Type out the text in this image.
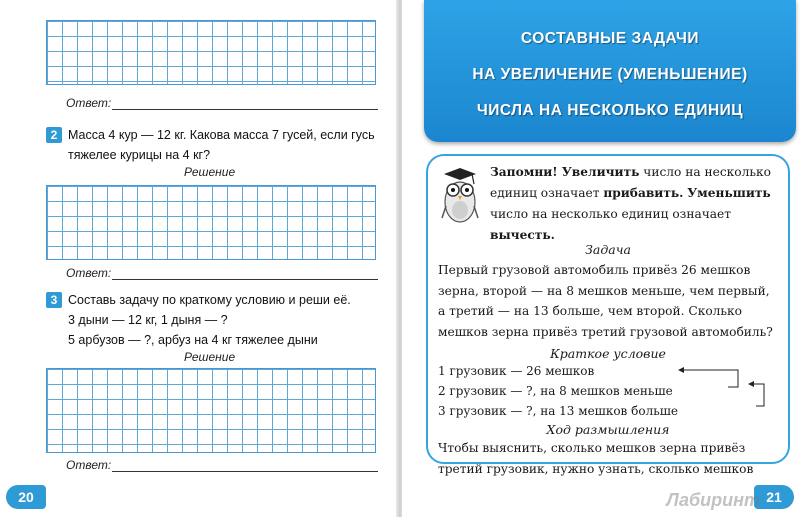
Ответ:
2 Масса 4 кур — 12 кг. Какова масса 7 гусей, если гусь
тяжелее курицы на 4 кг?
Решение
Ответ:
3 Составь задачу по краткому условию и реши её.
3 дыни — 12 кг, 1 дыня — ?
5 арбузов — ?, арбуз на 4 кг тяжелее дыни
Решение
Ответ:
20
СОСТАВНЫЕ ЗАДАЧИ
НА УВЕЛИЧЕНИЕ (УМЕНЬШЕНИЕ)
ЧИСЛА НА НЕСКОЛЬКО ЕДИНИЦ
Запомни! Увеличить число на несколько
единиц означает прибавить. Уменьшить
число на несколько единиц означает
вычесть.
Задача
Первый грузовой автомобиль привёз 26 мешков
зерна, второй — на 8 мешков меньше, чем первый,
а третий — на 13 больше, чем второй. Сколько
мешков зерна привёз третий грузовой автомобиль?
Краткое условие
1 грузовик — 26 мешков
2 грузовик — ?, на 8 мешков меньше
3 грузовик — ?, на 13 мешков больше
Ход размышления
Чтобы выяснить, сколько мешков зерна привёз
третий грузовик, нужно узнать, сколько мешков
21
Лабиринт
